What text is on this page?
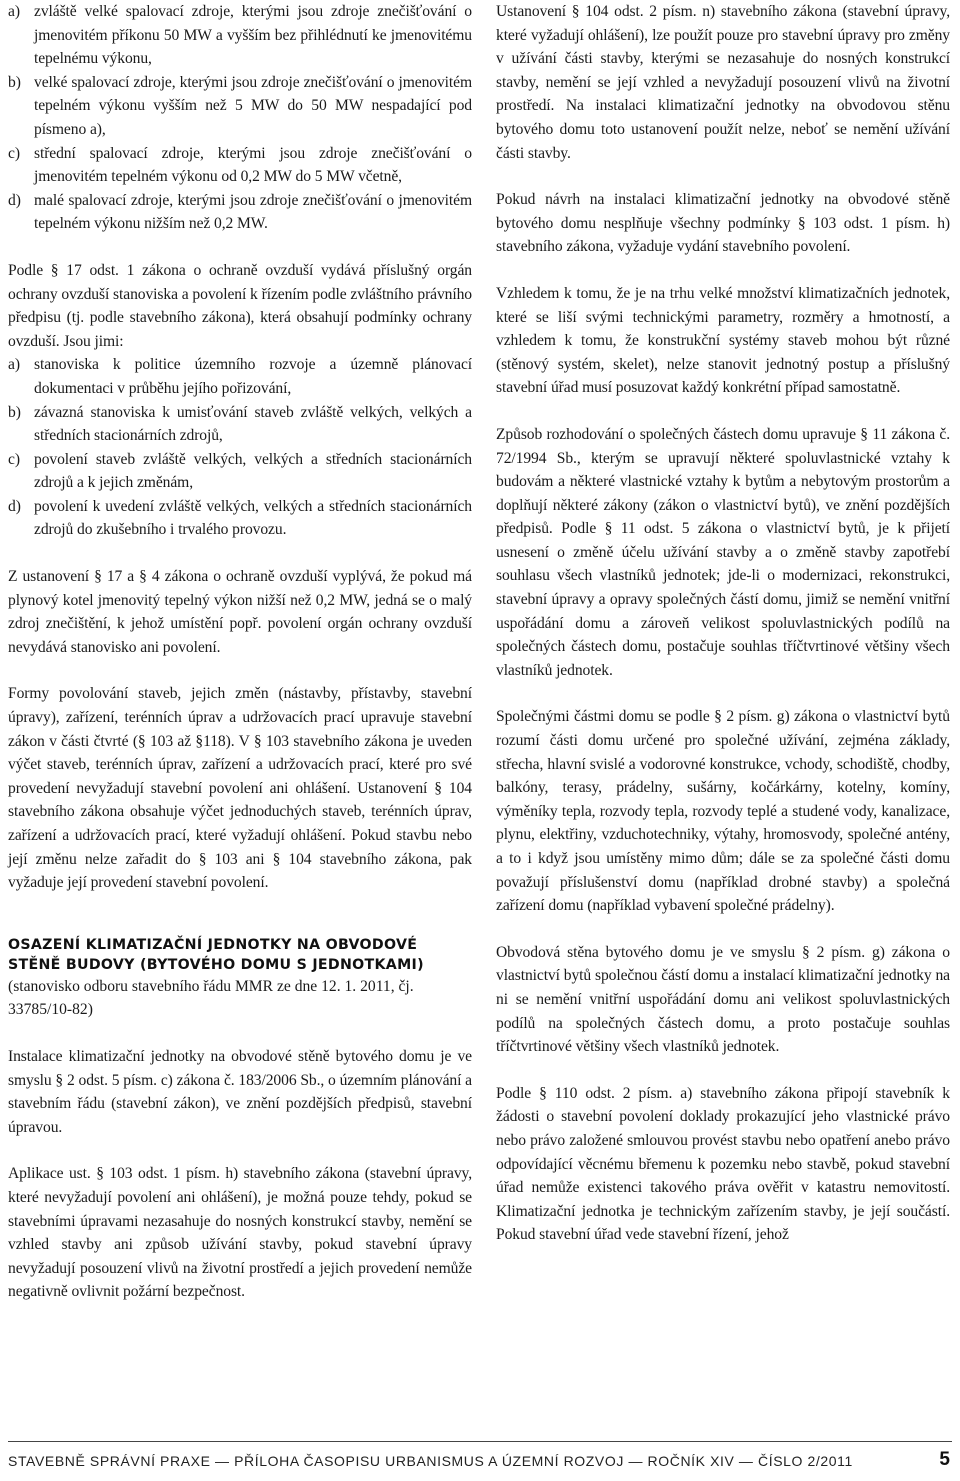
a) zvláště velké spalovací zdroje, kterými jsou zdroje znečišťování o jmenovitém příkonu 50 MW a vyšším bez přihlédnutí ke jmenovitému tepelnému výkonu,
b) velké spalovací zdroje, kterými jsou zdroje znečišťování o jmenovitém tepelném výkonu vyšším než 5 MW do 50 MW nespadající pod písmeno a),
c) střední spalovací zdroje, kterými jsou zdroje znečišťování o jmenovitém tepelném výkonu od 0,2 MW do 5 MW včetně,
d) malé spalovací zdroje, kterými jsou zdroje znečišťování o jmenovitém tepelném výkonu nižším než 0,2 MW.

Podle § 17 odst. 1 zákona o ochraně ovzduší vydává příslušný orgán ochrany ovzduší stanoviska a povolení k řízením podle zvláštního právního předpisu (tj. podle stavebního zákona), která obsahují podmínky ochrany ovzduší. Jsou jimi:

a) stanoviska k politice územního rozvoje a územně plánovací dokumentaci v průběhu jejího pořizování,
b) závazná stanoviska k umisťování staveb zvláště velkých, velkých a středních stacionárních zdrojů,
c) povolení staveb zvláště velkých, velkých a středních stacionárních zdrojů a k jejich změnám,
d) povolení k uvedení zvláště velkých, velkých a středních stacionárních zdrojů do zkušebního i trvalého provozu.

Z ustanovení § 17 a § 4 zákona o ochraně ovzduší vyplývá, že pokud má plynový kotel jmenovitý tepelný výkon nižší než 0,2 MW, jedná se o malý zdroj znečištění, k jehož umístění popř. povolení orgán ochrany ovzduší nevydává stanovisko ani povolení.

Formy povolování staveb, jejich změn (nástavby, přístavby, stavební úpravy), zařízení, terénních úprav a udržovacích prací upravuje stavební zákon v části čtvrté (§ 103 až §118). V § 103 stavebního zákona je uveden výčet staveb, terénních úprav, zařízení a udržovacích prací, které pro své provedení nevyžadují stavební povolení ani ohlášení. Ustanovení § 104 stavebního zákona obsahuje výčet jednoduchých staveb, terénních úprav, zařízení a udržovacích prací, které vyžadují ohlášení. Pokud stavbu nebo její změnu nelze zařadit do § 103 ani § 104 stavebního zákona, pak vyžaduje její provedení stavební povolení.

OSAZENÍ KLIMATIZAČNÍ JEDNOTKY NA OBVODOVÉ STĚNĚ BUDOVY (BYTOVÉHO DOMU S JEDNOTKAMI)

(stanovisko odboru stavebního řádu MMR ze dne 12. 1. 2011, čj. 33785/10-82)

Instalace klimatizační jednotky na obvodové stěně bytového domu je ve smyslu § 2 odst. 5 písm. c) zákona č. 183/2006 Sb., o územním plánování a stavebním řádu (stavební zákon), ve znění pozdějších předpisů, stavební úpravou.

Aplikace ust. § 103 odst. 1 písm. h) stavebního zákona (stavební úpravy, které nevyžadují povolení ani ohlášení), je možná pouze tehdy, pokud se stavebními úpravami nezasahuje do nosných konstrukcí stavby, nemění se vzhled stavby ani způsob užívání stavby, pokud stavební úpravy nevyžadují posouzení vlivů na životní prostředí a jejich provedení nemůže negativně ovlivnit požární bezpečnost.

Ustanovení § 104 odst. 2 písm. n) stavebního zákona (stavební úpravy, které vyžadují ohlášení), lze použít pouze pro stavební úpravy pro změny v užívání části stavby, kterými se nezasahuje do nosných konstrukcí stavby, nemění se její vzhled a nevyžadují posouzení vlivů na životní prostředí. Na instalaci klimatizační jednotky na obvodovou stěnu bytového domu toto ustanovení použít nelze, neboť se nemění užívání části stavby.

Pokud návrh na instalaci klimatizační jednotky na obvodové stěně bytového domu nesplňuje všechny podmínky § 103 odst. 1 písm. h) stavebního zákona, vyžaduje vydání stavebního povolení.

Vzhledem k tomu, že je na trhu velké množství klimatizačních jednotek, které se liší svými technickými parametry, rozměry a hmotností, a vzhledem k tomu, že konstrukční systémy staveb mohou být různé (stěnový systém, skelet), nelze stanovit jednotný postup a příslušný stavební úřad musí posuzovat každý konkrétní případ samostatně.

Způsob rozhodování o společných částech domu upravuje § 11 zákona č. 72/1994 Sb., kterým se upravují některé spoluvlastnické vztahy k budovám a některé vlastnické vztahy k bytům a nebytovým prostorům a doplňují některé zákony (zákon o vlastnictví bytů), ve znění pozdějších předpisů. Podle § 11 odst. 5 zákona o vlastnictví bytů, je k přijetí usnesení o změně účelu užívání stavby a o změně stavby zapotřebí souhlasu všech vlastníků jednotek; jde-li o modernizaci, rekonstrukci, stavební úpravy a opravy společných částí domu, jimiž se nemění vnitřní uspořádání domu a zároveň velikost spoluvlastnických podílů na společných částech domu, postačuje souhlas tříčtvrtinové většiny všech vlastníků jednotek.

Společnými částmi domu se podle § 2 písm. g) zákona o vlastnictví bytů rozumí části domu určené pro společné užívání, zejména základy, střecha, hlavní svislé a vodorovné konstrukce, vchody, schodiště, chodby, balkóny, terasy, prádelny, sušárny, kočárkárny, kotelny, komíny, výměníky tepla, rozvody tepla, rozvody teplé a studené vody, kanalizace, plynu, elektřiny, vzduchotechniky, výtahy, hromosvody, společné antény, a to i když jsou umístěny mimo dům; dále se za společné části domu považují příslušenství domu (například drobné stavby) a společná zařízení domu (například vybavení společné prádelny).

Obvodová stěna bytového domu je ve smyslu § 2 písm. g) zákona o vlastnictví bytů společnou částí domu a instalací klimatizační jednotky na ni se nemění vnitřní uspořádání domu ani velikost spoluvlastnických podílů na společných částech domu, a proto postačuje souhlas tříčtvrtinové většiny všech vlastníků jednotek.

Podle § 110 odst. 2 písm. a) stavebního zákona připojí stavebník k žádosti o stavební povolení doklady prokazující jeho vlastnické právo nebo právo založené smlouvou provést stavbu nebo opatření anebo právo odpovídající věcnému břemenu k pozemku nebo stavbě, pokud stavební úřad nemůže existenci takového práva ověřit v katastru nemovitostí. Klimatizační jednotka je technickým zařízením stavby, je její součástí. Pokud stavební úřad vede stavební řízení, jehož

STAVEBNĚ SPRÁVNÍ PRAXE — PŘÍLOHA ČASOPISU URBANISMUS A ÚZEMNÍ ROZVOJ — ROČNÍK XIV — ČÍSLO 2/2011	5
